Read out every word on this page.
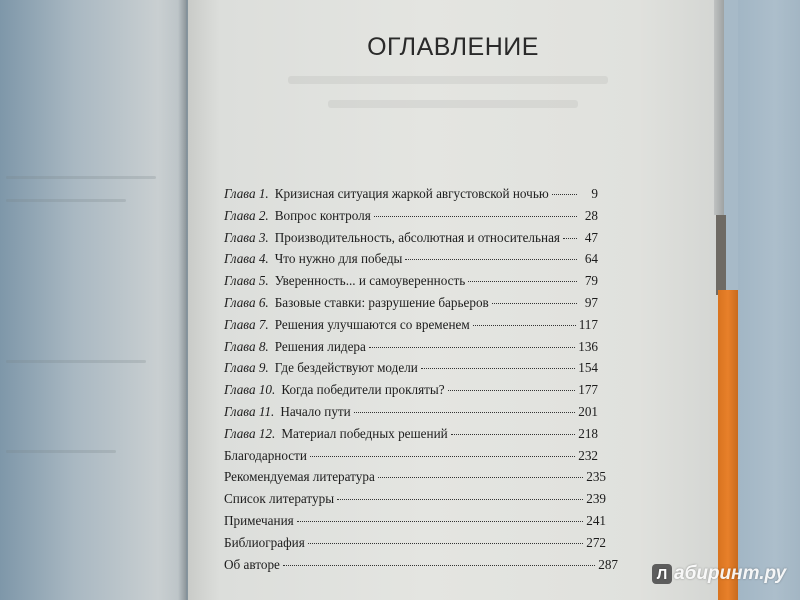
ОГЛАВЛЕНИЕ
Глава 1. Кризисная ситуация жаркой августовской ночью	9
Глава 2. Вопрос контроля	28
Глава 3. Производительность, абсолютная и относительная	47
Глава 4. Что нужно для победы	64
Глава 5. Уверенность... и самоуверенность	79
Глава 6. Базовые ставки: разрушение барьеров	97
Глава 7. Решения улучшаются со временем	117
Глава 8. Решения лидера	136
Глава 9. Где бездействуют модели	154
Глава 10. Когда победители прокляты?	177
Глава 11. Начало пути	201
Глава 12. Материал победных решений	218
Благодарности	232
Рекомендуемая литература	235
Список литературы	239
Примечания	241
Библиография	272
Об авторе	287
Л абиринт.ру
